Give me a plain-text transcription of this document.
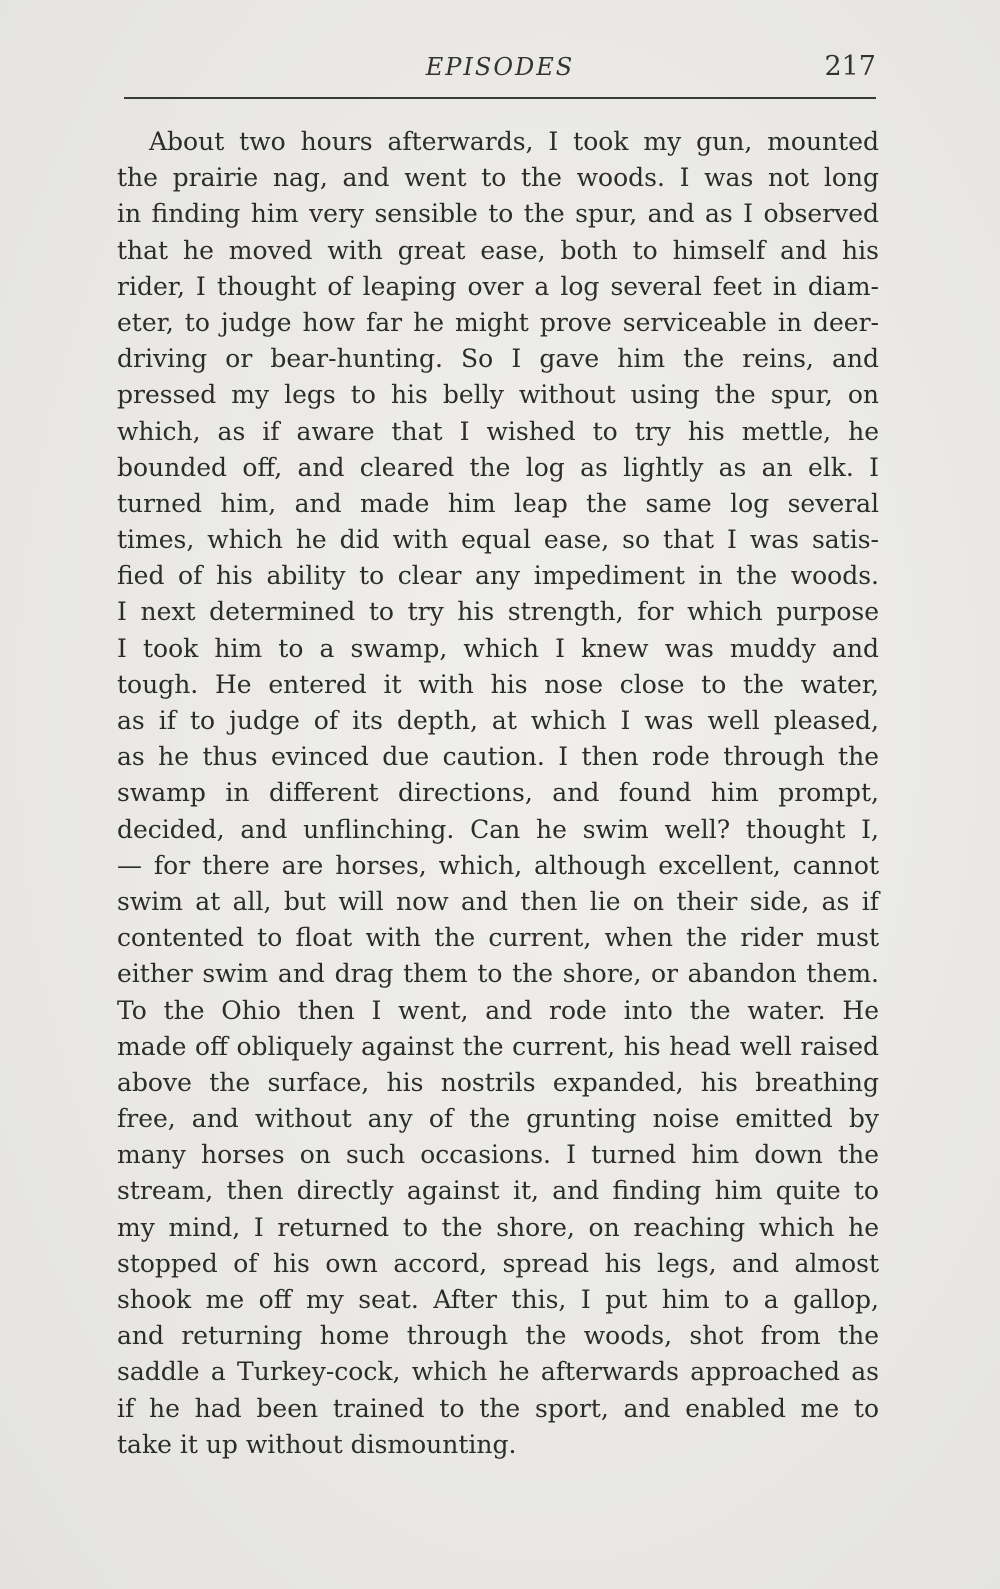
EPISODES	217
About two hours afterwards, I took my gun, mounted
the prairie nag, and went to the woods. I was not long
in finding him very sensible to the spur, and as I observed
that he moved with great ease, both to himself and his
rider, I thought of leaping over a log several feet in diam-
eter, to judge how far he might prove serviceable in deer-
driving or bear-hunting. So I gave him the reins, and
pressed my legs to his belly without using the spur, on
which, as if aware that I wished to try his mettle, he
bounded off, and cleared the log as lightly as an elk. I
turned him, and made him leap the same log several
times, which he did with equal ease, so that I was satis-
fied of his ability to clear any impediment in the woods.
I next determined to try his strength, for which purpose
I took him to a swamp, which I knew was muddy and
tough. He entered it with his nose close to the water,
as if to judge of its depth, at which I was well pleased,
as he thus evinced due caution. I then rode through the
swamp in different directions, and found him prompt,
decided, and unflinching. Can he swim well? thought I,
— for there are horses, which, although excellent, cannot
swim at all, but will now and then lie on their side, as if
contented to float with the current, when the rider must
either swim and drag them to the shore, or abandon them.
To the Ohio then I went, and rode into the water. He
made off obliquely against the current, his head well raised
above the surface, his nostrils expanded, his breathing
free, and without any of the grunting noise emitted by
many horses on such occasions. I turned him down the
stream, then directly against it, and finding him quite to
my mind, I returned to the shore, on reaching which he
stopped of his own accord, spread his legs, and almost
shook me off my seat. After this, I put him to a gallop,
and returning home through the woods, shot from the
saddle a Turkey-cock, which he afterwards approached as
if he had been trained to the sport, and enabled me to
take it up without dismounting.
